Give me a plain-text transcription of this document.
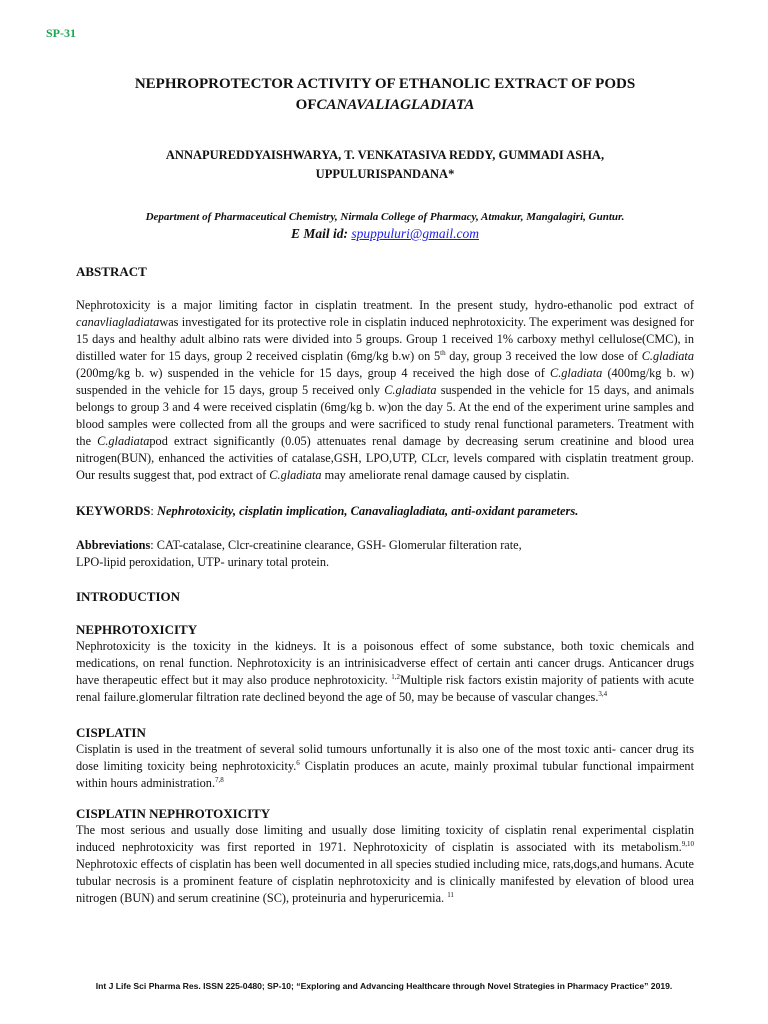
SP-31
NEPHROPROTECTOR ACTIVITY OF ETHANOLIC EXTRACT OF PODS
OFCANAVALIAGLADIATA
ANNAPUREDDYAISHWARYA, T. VENKATASIVA REDDY, GUMMADI ASHA,
UPPULURISPANDANA*
Department of Pharmaceutical Chemistry, Nirmala College of Pharmacy, Atmakur, Mangalagiri, Guntur.
E Mail id: spuppuluri@gmail.com
ABSTRACT

Nephrotoxicity is a major limiting factor in cisplatin treatment. In the present study, hydro-ethanolic pod extract of canavliagladiatawas investigated for its protective role in cisplatin induced nephrotoxicity. The experiment was designed for 15 days and healthy adult albino rats were divided into 5 groups. Group 1 received 1% carboxy methyl cellulose(CMC), in distilled water for 15 days, group 2 received cisplatin (6mg/kg b.w) on 5th day, group 3 received the low dose of C.gladiata (200mg/kg b. w) suspended in the vehicle for 15 days, group 4 received the high dose of C.gladiata (400mg/kg b. w) suspended in the vehicle for 15 days, group 5 received only C.gladiata suspended in the vehicle for 15 days, and animals belongs to group 3 and 4 were received cisplatin (6mg/kg b. w)on the day 5. At the end of the experiment urine samples and blood samples were collected from all the groups and were sacrificed to study renal functional parameters. Treatment with the C.gladiatapod extract significantly (0.05) attenuates renal damage by decreasing serum creatinine and blood urea nitrogen(BUN), enhanced the activities of catalase,GSH, LPO,UTP, CLcr, levels compared with cisplatin treatment group. Our results suggest that, pod extract of C.gladiata may ameliorate renal damage caused by cisplatin.

KEYWORDS: Nephrotoxicity, cisplatin implication, Canavaliagladiata, anti-oxidant parameters.

Abbreviations: CAT-catalase, Clcr-creatinine clearance, GSH- Glomerular filteration rate,
LPO-lipid peroxidation, UTP- urinary total protein.

INTRODUCTION
NEPHROTOXICITY

Nephrotoxicity is the toxicity in the kidneys. It is a poisonous effect of some substance, both toxic chemicals and medications, on renal function. Nephrotoxicity is an intrinisicadverse effect of certain anti cancer drugs. Anticancer drugs have therapeutic effect but it may also produce nephrotoxicity. $^{1,2}$Multiple risk factors existin majority of patients with acute renal failure.glomerular filtration rate declined beyond the age of 50, may be because of vascular changes.$^{3,4}$

CISPLATIN

Cisplatin is used in the treatment of several solid tumours unfortunally it is also one of the most toxic anti- cancer drug its dose limiting toxicity being nephrotoxicity.$^6$ Cisplatin produces an acute, mainly proximal tubular functional impairment within hours administration.$^{7,8}$

CISPLATIN NEPHROTOXICITY

The most serious and usually dose limiting and usually dose limiting toxicity of cisplatin renal experimental cisplatin induced nephrotoxicity was first reported in 1971. Nephrotoxicity of cisplatin is associated with its metabolism.$^{9,10}$ Nephrotoxic effects of cisplatin has been well documented in all species studied including mice, rats,dogs,and humans. Acute tubular necrosis is a prominent feature of cisplatin nephrotoxicity and is clinically manifested by elevation of blood urea nitrogen (BUN) and serum creatinine (SC), proteinuria and hyperuricemia. $^{11}$

Int J Life Sci Pharma Res. ISSN 225-0480; SP-10; “Exploring and Advancing Healthcare through Novel Strategies in Pharmacy Practice” 2019.
